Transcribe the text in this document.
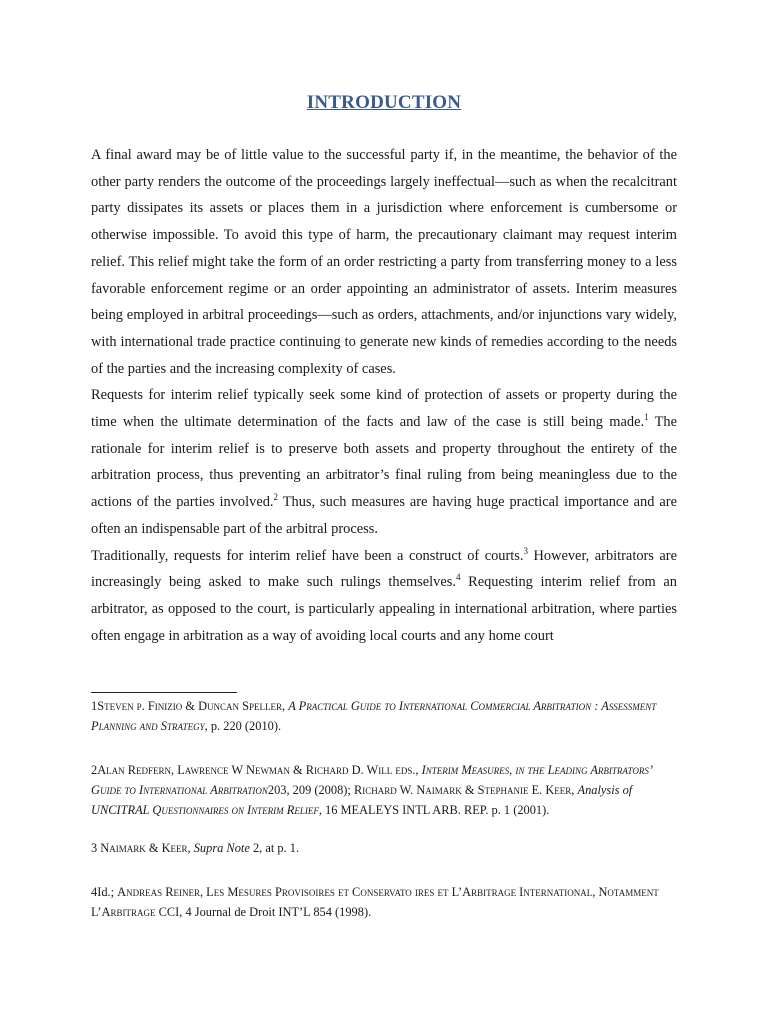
INTRODUCTION

A final award may be of little value to the successful party if, in the meantime, the behavior of the other party renders the outcome of the proceedings largely ineffectual—such as when the recalcitrant party dissipates its assets or places them in a jurisdiction where enforcement is cumbersome or otherwise impossible. To avoid this type of harm, the precautionary claimant may request interim relief. This relief might take the form of an order restricting a party from transferring money to a less favorable enforcement regime or an order appointing an administrator of assets. Interim measures being employed in arbitral proceedings—such as orders, attachments, and/or injunctions vary widely, with international trade practice continuing to generate new kinds of remedies according to the needs of the parties and the increasing complexity of cases.

Requests for interim relief typically seek some kind of protection of assets or property during the time when the ultimate determination of the facts and law of the case is still being made.$^1$ The rationale for interim relief is to preserve both assets and property throughout the entirety of the arbitration process, thus preventing an arbitrator’s final ruling from being meaningless due to the actions of the parties involved.$^2$ Thus, such measures are having huge practical importance and are often an indispensable part of the arbitral process.

Traditionally, requests for interim relief have been a construct of courts.$^3$ However, arbitrators are increasingly being asked to make such rulings themselves.$^4$ Requesting interim relief from an arbitrator, as opposed to the court, is particularly appealing in international arbitration, where parties often engage in arbitration as a way of avoiding local courts and any home court

1Steven p. Finizio & Duncan Speller, A Practical Guide to International Commercial Arbitration : Assessment Planning and Strategy, p. 220 (2010).
2Alan Redfern, Lawrence W Newman & Richard D. Will eds., Interim Measures, in the Leading Arbitrators’ Guide to International Arbitration203, 209 (2008); Richard W. Naimark & Stephanie E. Keer, Analysis of UNCITRAL Questionnaires on Interim Relief, 16 MEALEYS INTL ARB. REP. p. 1 (2001).
3 Naimark & Keer, Supra Note 2, at p. 1.
4Id.; Andreas Reiner, Les Mesures Provisoires et Conservato ires et L’Arbitrage International, Notamment L’Arbitrage CCI, 4 Journal de Droit INT’L 854 (1998).
